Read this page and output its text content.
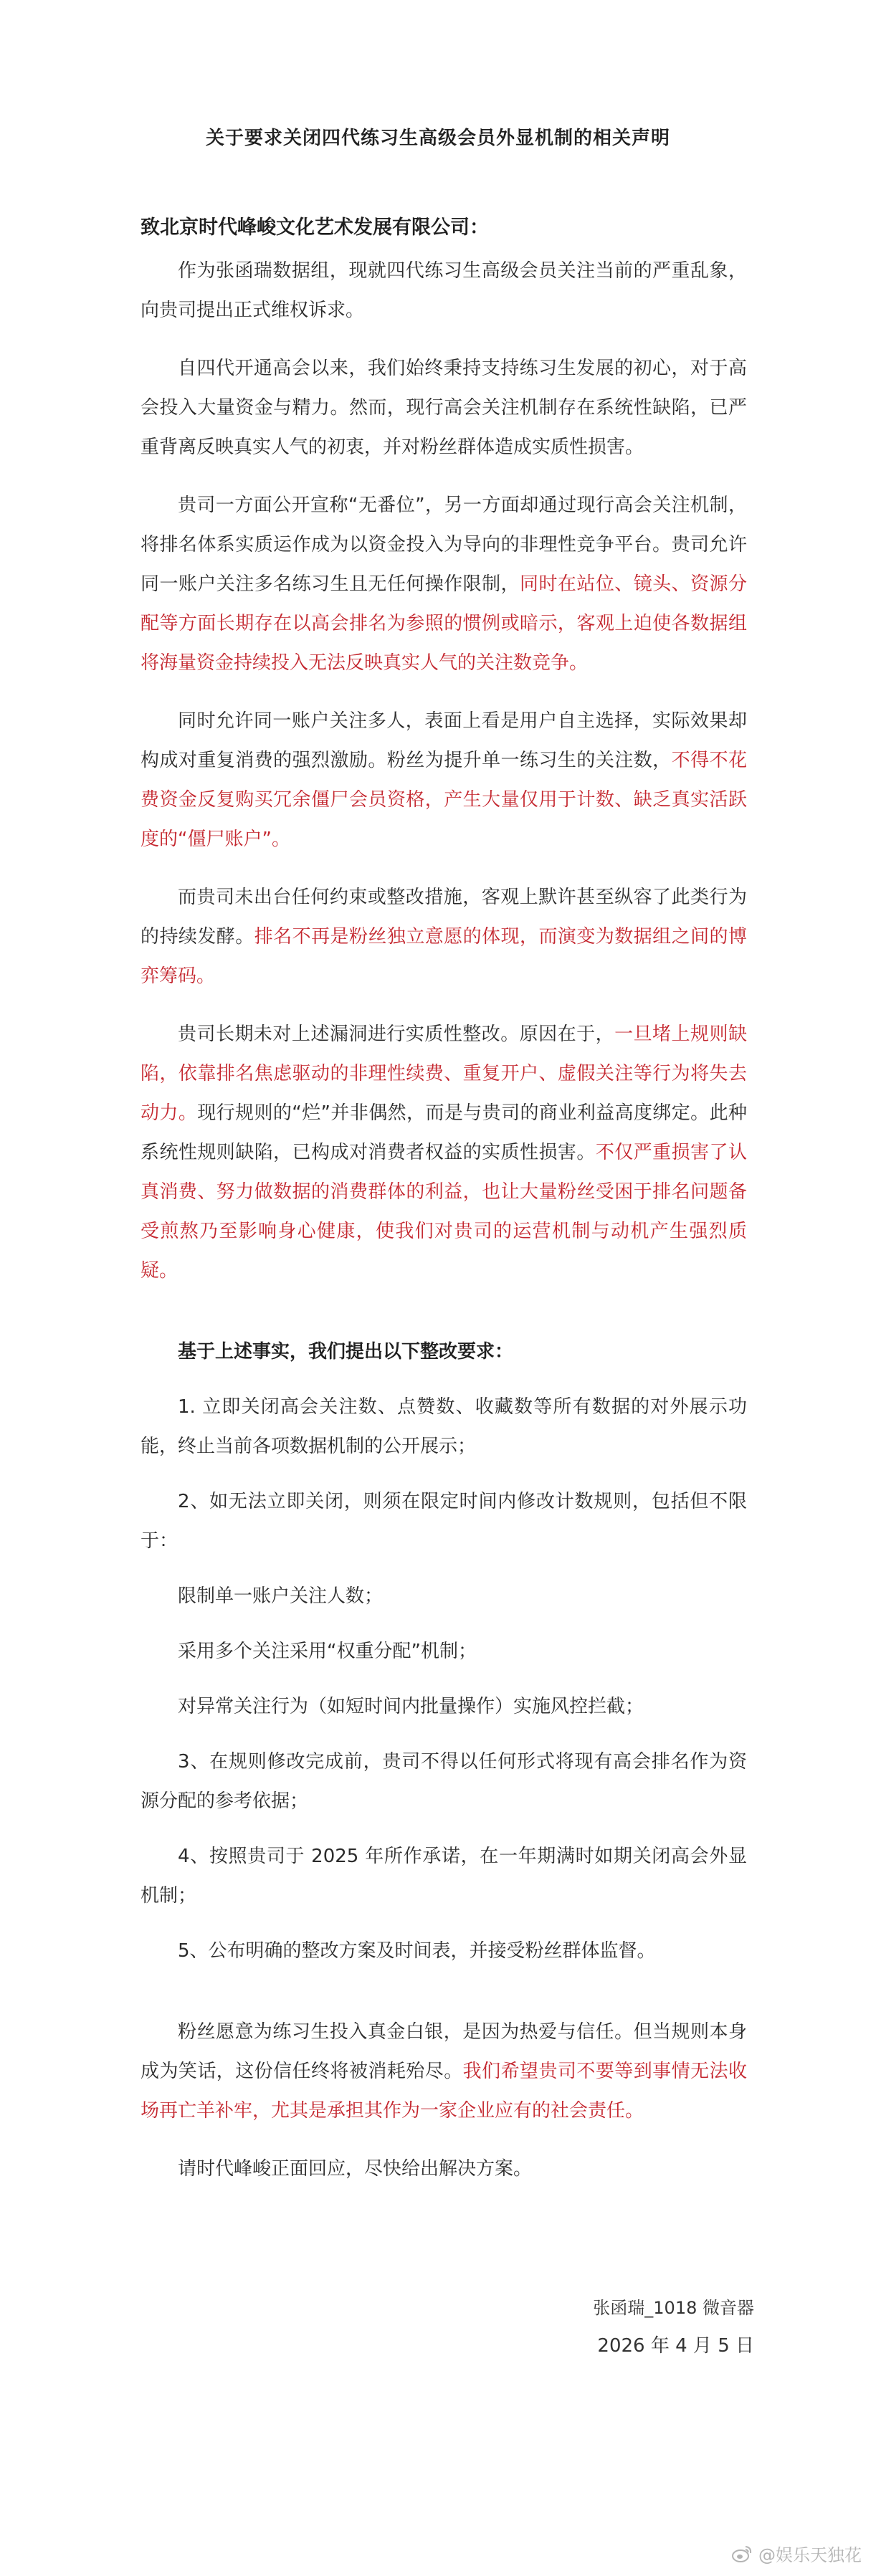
关于要求关闭四代练习生高级会员外显机制的相关声明
致北京时代峰峻文化艺术发展有限公司：

作为张函瑞数据组，现就四代练习生高级会员关注当前的严重乱象，向贵司提出正式维权诉求。

自四代开通高会以来，我们始终秉持支持练习生发展的初心，对于高会投入大量资金与精力。然而，现行高会关注机制存在系统性缺陷，已严重背离反映真实人气的初衷，并对粉丝群体造成实质性损害。

贵司一方面公开宣称“无番位”，另一方面却通过现行高会关注机制，将排名体系实质运作成为以资金投入为导向的非理性竞争平台。贵司允许同一账户关注多名练习生且无任何操作限制，同时在站位、镜头、资源分配等方面长期存在以高会排名为参照的惯例或暗示，客观上迫使各数据组将海量资金持续投入无法反映真实人气的关注数竞争。

同时允许同一账户关注多人，表面上看是用户自主选择，实际效果却构成对重复消费的强烈激励。粉丝为提升单一练习生的关注数，不得不花费资金反复购买冗余僵尸会员资格，产生大量仅用于计数、缺乏真实活跃度的“僵尸账户”。

而贵司未出台任何约束或整改措施，客观上默许甚至纵容了此类行为的持续发酵。排名不再是粉丝独立意愿的体现，而演变为数据组之间的博弈筹码。

贵司长期未对上述漏洞进行实质性整改。原因在于，一旦堵上规则缺陷，依靠排名焦虑驱动的非理性续费、重复开户、虚假关注等行为将失去动力。现行规则的“烂”并非偶然，而是与贵司的商业利益高度绑定。此种系统性规则缺陷，已构成对消费者权益的实质性损害。不仅严重损害了认真消费、努力做数据的消费群体的利益，也让大量粉丝受困于排名问题备受煎熬乃至影响身心健康，使我们对贵司的运营机制与动机产生强烈质疑。

基于上述事实，我们提出以下整改要求：
1. 立即关闭高会关注数、点赞数、收藏数等所有数据的对外展示功能，终止当前各项数据机制的公开展示；
2、如无法立即关闭，则须在限定时间内修改计数规则，包括但不限于：
限制单一账户关注人数；
采用多个关注采用“权重分配”机制；
对异常关注行为（如短时间内批量操作）实施风控拦截；
3、在规则修改完成前，贵司不得以任何形式将现有高会排名作为资源分配的参考依据；
4、按照贵司于 2025 年所作承诺，在一年期满时如期关闭高会外显机制；
5、公布明确的整改方案及时间表，并接受粉丝群体监督。

粉丝愿意为练习生投入真金白银，是因为热爱与信任。但当规则本身成为笑话，这份信任终将被消耗殆尽。我们希望贵司不要等到事情无法收场再亡羊补牢，尤其是承担其作为一家企业应有的社会责任。

请时代峰峻正面回应，尽快给出解决方案。

张函瑞_1018 微音器
2026 年 4 月 5 日
@娱乐天独花
